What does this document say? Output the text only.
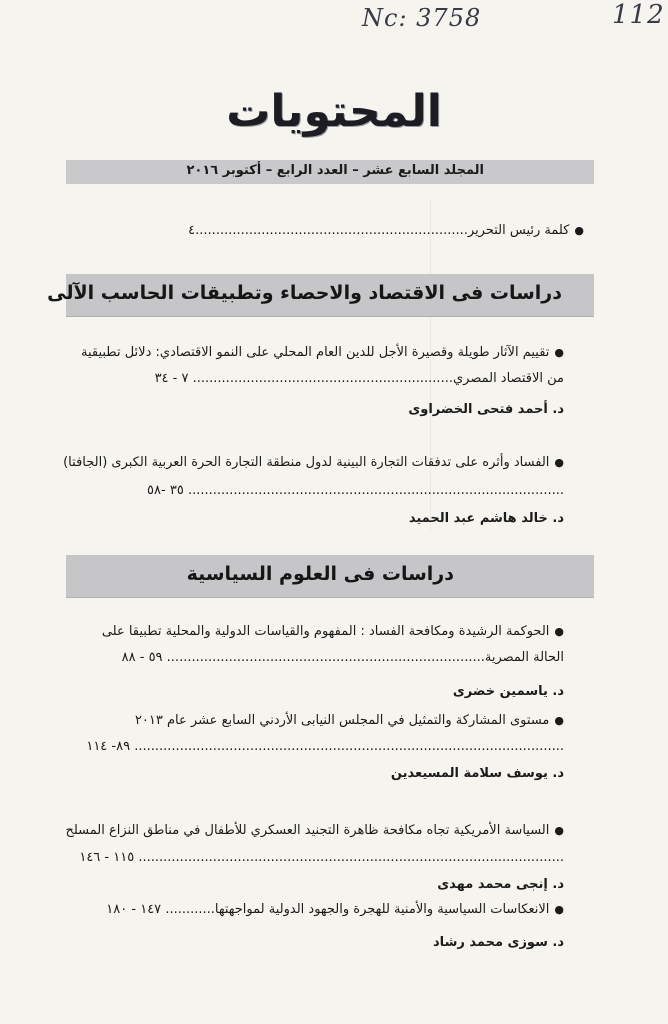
Nc: 3758	112
المحتويات
المجلد السابع عشر – العدد الرابع – أكتوبر ٢٠١٦
●كلمة رئيس التحرير..................................................................٤
دراسات فى الاقتصاد والاحصاء وتطبيقات الحاسب الآلى
●تقييم الآثار طويلة وقصيرة الأجل للدين العام المحلي على النمو الاقتصادي: دلائل تطبيقية
من الاقتصاد المصري............................................................... ٧ - ٣٤
د. أحمد فتحى الخضراوى
●الفساد وأثره على تدفقات التجارة البينية لدول منطقة التجارة الحرة العربية الكبرى (الجافتا)
........................................................................................... ٣٥ -٥٨
د. خالد هاشم عبد الحميد
دراسات فى العلوم السياسية
●الحوكمة الرشيدة ومكافحة الفساد : المفهوم والقياسات الدولية والمحلية تطبيقا على
الحالة المصرية............................................................................. ٥٩ - ٨٨
د. ياسمين خضرى
●مستوى المشاركة والتمثيل في المجلس النيابى الأردني السابع عشر عام ٢٠١٣
........................................................................................................ ٨٩- ١١٤
د. يوسف سلامة المسيعدين
●السياسة الأمريكية تجاه مكافحة ظاهرة التجنيد العسكري للأطفال في مناطق النزاع المسلح
....................................................................................................... ١١٥ - ١٤٦
د. إنجى محمد مهدى
●الانعكاسات السياسية والأمنية للهجرة والجهود الدولية لمواجهتها............ ١٤٧ - ١٨٠
د. سوزى محمد رشاد
